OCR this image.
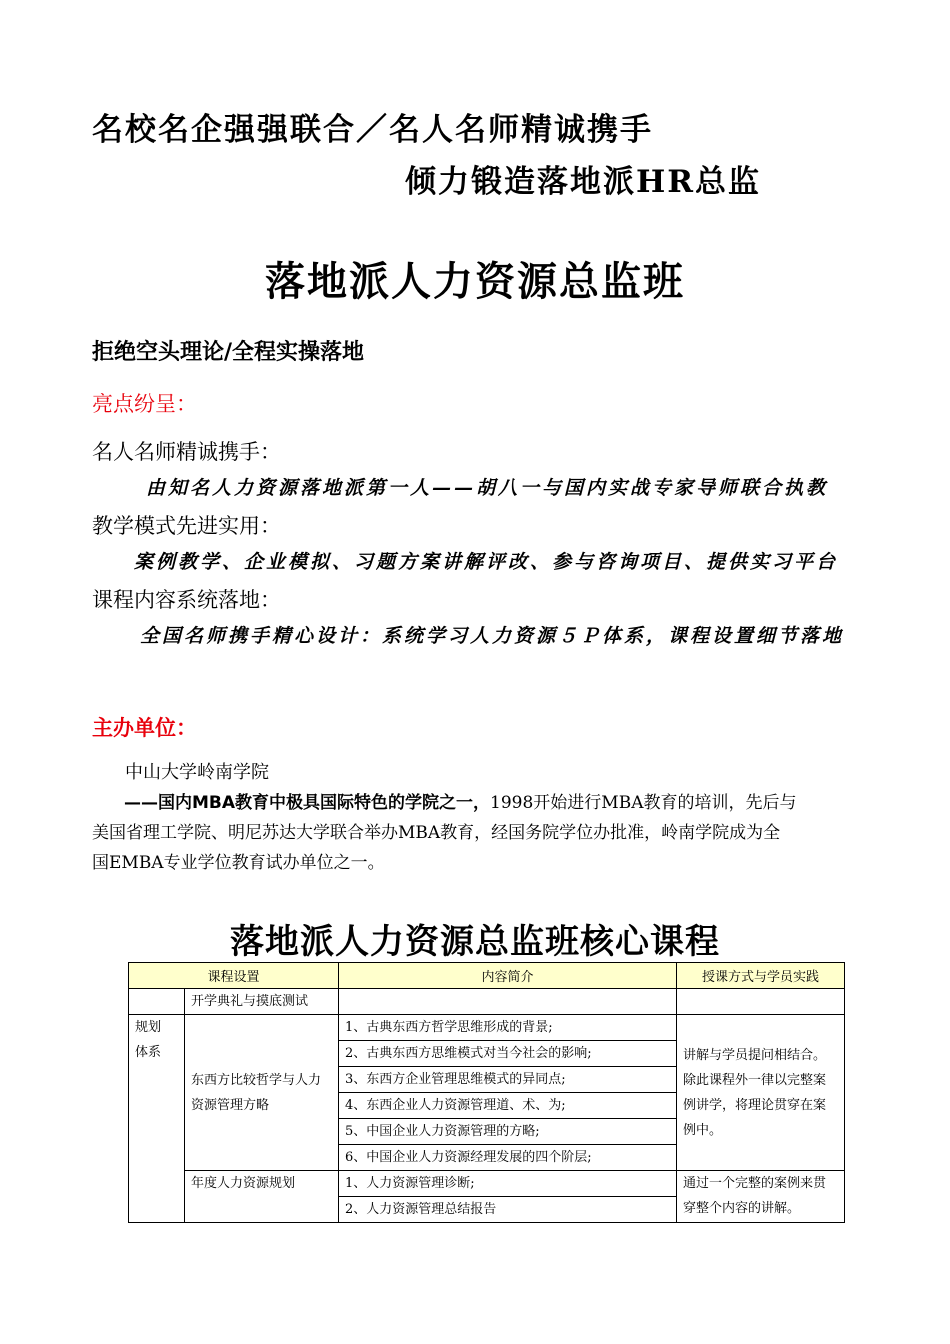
名校名企强强联合／名人名师精诚携手
倾力锻造落地派HR总监
落地派人力资源总监班
拒绝空头理论/全程实操落地
亮点纷呈：
名人名师精诚携手：
由知名人力资源落地派第一人——胡八一与国内实战专家导师联合执教
教学模式先进实用：
案例教学、企业模拟、习题方案讲解评改、参与咨询项目、提供实习平台
课程内容系统落地：
全国名师携手精心设计：系统学习人力资源５Ｐ体系，课程设置细节落地
主办单位：
中山大学岭南学院
——国内MBA教育中极具国际特色的学院之一，1998开始进行MBA教育的培训，先后与
美国省理工学院、明尼苏达大学联合举办MBA教育，经国务院学位办批准，岭南学院成为全
国EMBA专业学位教育试办单位之一。
落地派人力资源总监班核心课程
课程设置		内容简介	授课方式与学员实践
	开学典礼与摸底测试		
规划
体系	东西方比较哲学与人力资源管理方略	1、古典东西方哲学思维形成的背景;	讲解与学员提问相结合。除此课程外一律以完整案例讲学，将理论贯穿在案例中。
		2、古典东西方思维模式对当今社会的影响;	
		3、东西方企业管理思维模式的异同点;	
		4、东西企业人力资源管理道、术、为;	
		5、中国企业人力资源管理的方略;	
		6、中国企业人力资源经理发展的四个阶层;	
	年度人力资源规划	1、人力资源管理诊断;	通过一个完整的案例来贯穿整个内容的讲解。
		2、人力资源管理总结报告	
